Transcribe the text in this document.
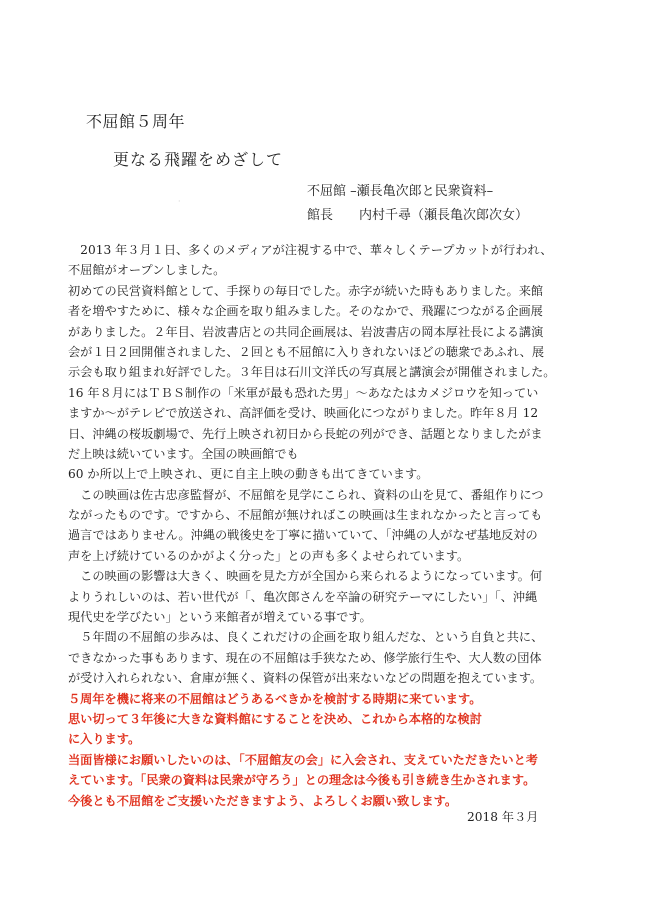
·
不屈館５周年
更なる飛躍をめざして
不屈館 –瀬長亀次郎と民衆資料–
館長　　内村千尋（瀬長亀次郎次女）
　2013 年３月１日、多くのメディアが注視する中で、華々しくテープカットが行われ、
不屈館がオープンしました。
初めての民営資料館として、手探りの毎日でした。赤字が続いた時もありました。来館
者を増やすために、様々な企画を取り組みました。そのなかで、飛躍につながる企画展
がありました。２年目、岩波書店との共同企画展は、岩波書店の岡本厚社長による講演
会が１日２回開催されました、２回とも不屈館に入りきれないほどの聴衆であふれ、展
示会も取り組まれ好評でした。３年目は石川文洋氏の写真展と講演会が開催されました。
16 年８月にはＴＢＳ制作の「米軍が最も恐れた男」～あなたはカメジロウを知ってい
ますか～がテレビで放送され、高評価を受け、映画化につながりました。昨年８月 12
日、沖縄の桜坂劇場で、先行上映され初日から長蛇の列ができ、話題となりましたがま
だ上映は続いています。全国の映画館でも
60 か所以上で上映され、更に自主上映の動きも出てきています。
　この映画は佐古忠彦監督が、不屈館を見学にこられ、資料の山を見て、番組作りにつ
ながったものです。ですから、不屈館が無ければこの映画は生まれなかったと言っても
過言ではありません。沖縄の戦後史を丁寧に描いていて、「沖縄の人がなぜ基地反対の
声を上げ続けているのかがよく分った」との声も多くよせられています。
　この映画の影響は大きく、映画を見た方が全国から来られるようになっています。何
よりうれしいのは、若い世代が「、亀次郎さんを卒論の研究テーマにしたい」「、沖縄
現代史を学びたい」という来館者が増えている事です。
　５年間の不屈館の歩みは、良くこれだけの企画を取り組んだな、という自負と共に、
できなかった事もあります、現在の不屈館は手狭なため、修学旅行生や、大人数の団体
が受け入れられない、倉庫が無く、資料の保管が出来ないなどの問題を抱えています。
５周年を機に将来の不屈館はどうあるべきかを検討する時期に来ています。
思い切って３年後に大きな資料館にすることを決め、これから本格的な検討
に入ります。
当面皆様にお願いしたいのは、「不屈館友の会」に入会され、支えていただきたいと考
えています。「民衆の資料は民衆が守ろう」との理念は今後も引き続き生かされます。
今後とも不屈館をご支援いただきますよう、よろしくお願い致します。
2018 年３月
